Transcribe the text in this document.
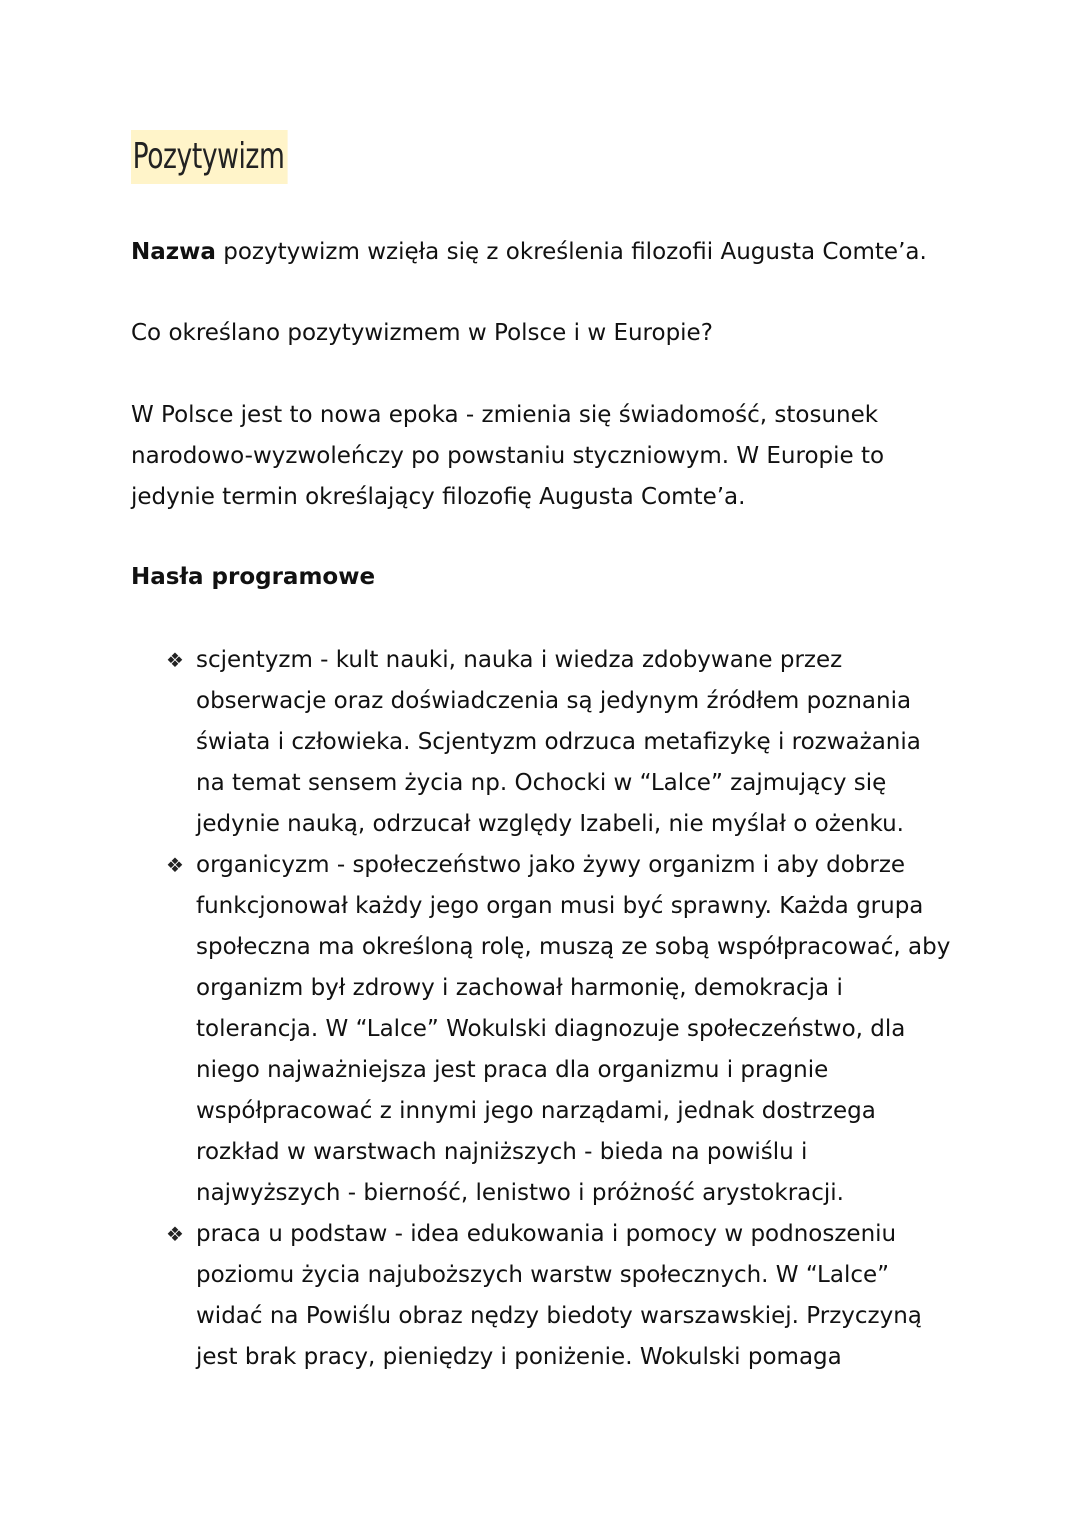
Pozytywizm

Nazwa pozytywizm wzięła się z określenia filozofii Augusta Comte’a.

Co określano pozytywizmem w Polsce i w Europie?

W Polsce jest to nowa epoka - zmienia się świadomość, stosunek
narodowo-wyzwoleńczy po powstaniu styczniowym. W Europie to
jedynie termin określający filozofię Augusta Comte’a.

Hasła programowe

❖ scjentyzm - kult nauki, nauka i wiedza zdobywane przez
obserwacje oraz doświadczenia są jedynym źródłem poznania
świata i człowieka. Scjentyzm odrzuca metafizykę i rozważania
na temat sensem życia np. Ochocki w “Lalce” zajmujący się
jedynie nauką, odrzucał względy Izabeli, nie myślał o ożenku.
❖ organicyzm - społeczeństwo jako żywy organizm i aby dobrze
funkcjonował każdy jego organ musi być sprawny. Każda grupa
społeczna ma określoną rolę, muszą ze sobą współpracować, aby
organizm był zdrowy i zachował harmonię, demokracja i
tolerancja. W “Lalce” Wokulski diagnozuje społeczeństwo, dla
niego najważniejsza jest praca dla organizmu i pragnie
współpracować z innymi jego narządami, jednak dostrzega
rozkład w warstwach najniższych - bieda na powiślu i
najwyższych - bierność, lenistwo i próżność arystokracji.
❖ praca u podstaw - idea edukowania i pomocy w podnoszeniu
poziomu życia najuboższych warstw społecznych. W “Lalce”
widać na Powiślu obraz nędzy biedoty warszawskiej. Przyczyną
jest brak pracy, pieniędzy i poniżenie. Wokulski pomaga
